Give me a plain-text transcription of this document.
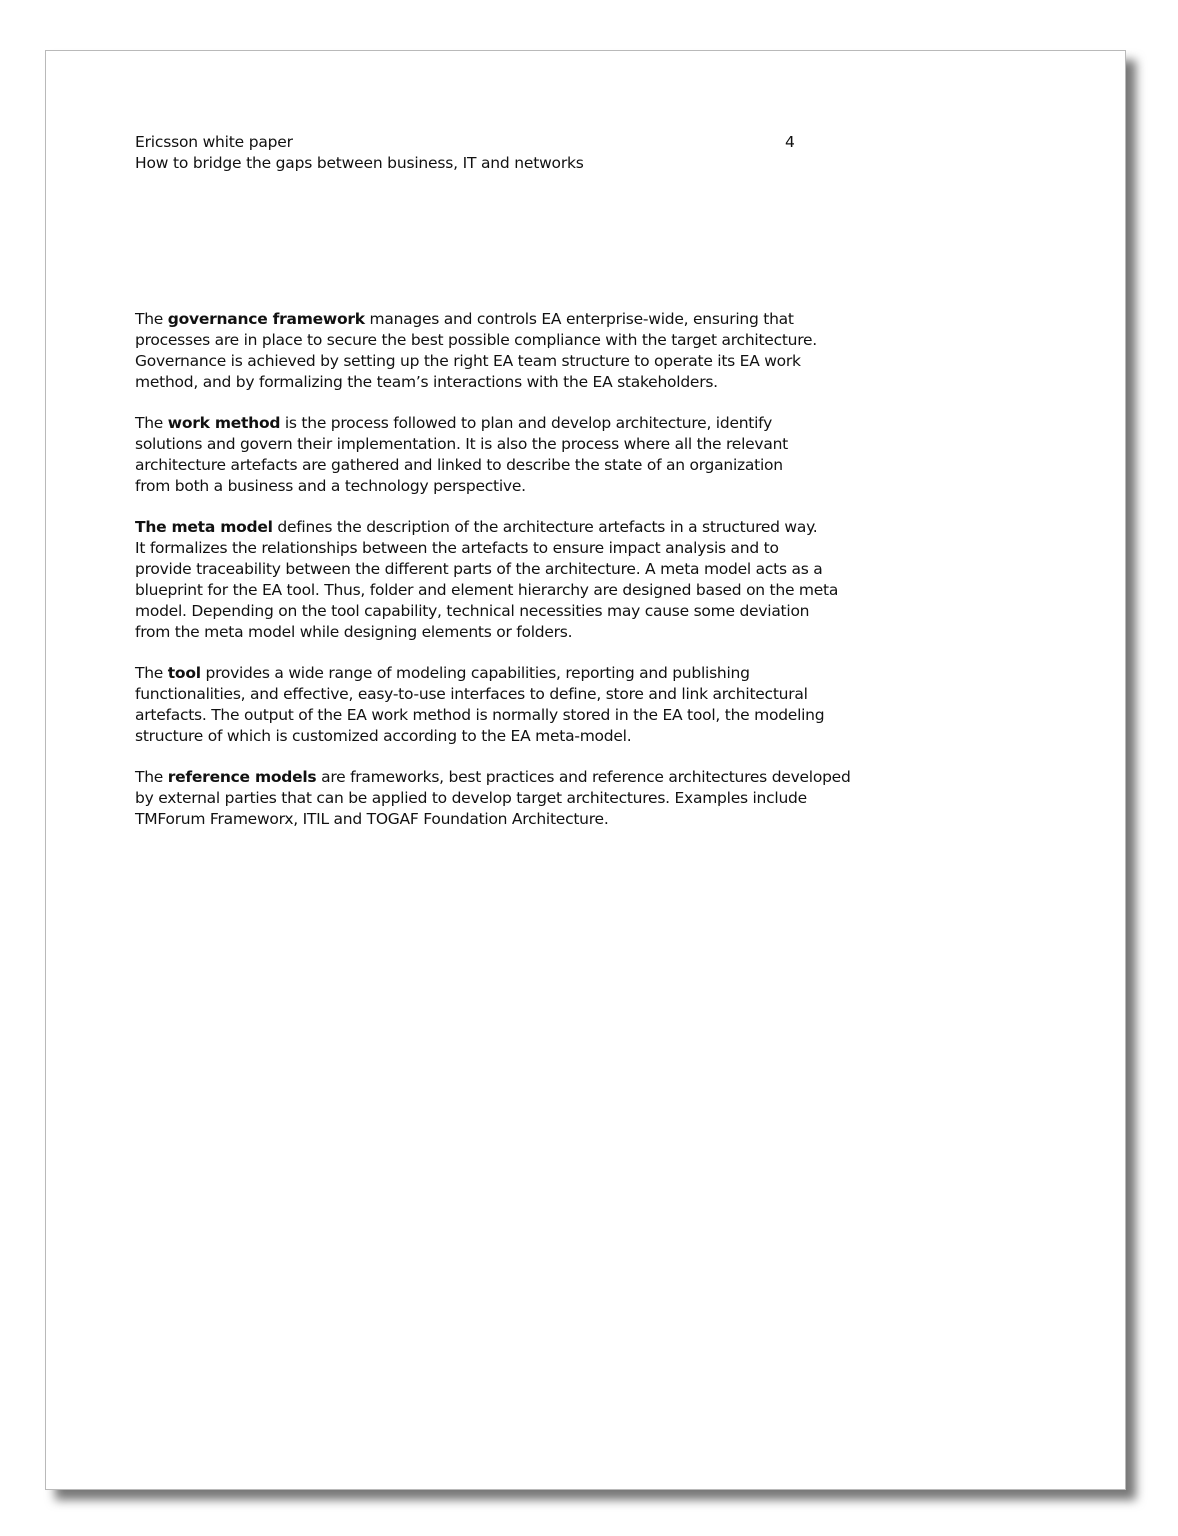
Ericsson white paper
How to bridge the gaps between business, IT and networks
4

The governance framework manages and controls EA enterprise-wide, ensuring that
processes are in place to secure the best possible compliance with the target architecture.
Governance is achieved by setting up the right EA team structure to operate its EA work
method, and by formalizing the team’s interactions with the EA stakeholders.

The work method is the process followed to plan and develop architecture, identify
solutions and govern their implementation. It is also the process where all the relevant
architecture artefacts are gathered and linked to describe the state of an organization
from both a business and a technology perspective.

The meta model defines the description of the architecture artefacts in a structured way.
It formalizes the relationships between the artefacts to ensure impact analysis and to
provide traceability between the different parts of the architecture. A meta model acts as a
blueprint for the EA tool. Thus, folder and element hierarchy are designed based on the meta
model. Depending on the tool capability, technical necessities may cause some deviation
from the meta model while designing elements or folders.

The tool provides a wide range of modeling capabilities, reporting and publishing
functionalities, and effective, easy-to-use interfaces to define, store and link architectural
artefacts. The output of the EA work method is normally stored in the EA tool, the modeling
structure of which is customized according to the EA meta-model.

The reference models are frameworks, best practices and reference architectures developed
by external parties that can be applied to develop target architectures. Examples include
TMForum Frameworx, ITIL and TOGAF Foundation Architecture.
